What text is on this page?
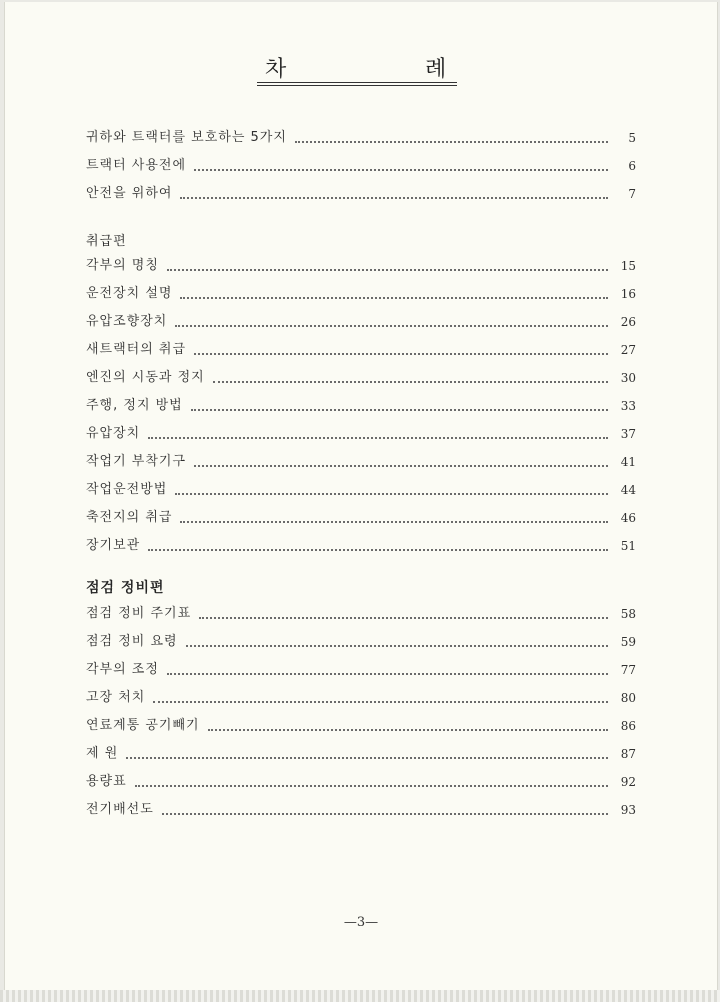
차	례
귀하와 트랙터를 보호하는 5가지	5
트랙터 사용전에	6
안전을 위하여	7
취급편
각부의 명칭	15
운전장치 설명	16
유압조향장치	26
새트랙터의 취급	27
엔진의 시동과 정지	30
주행, 정지 방법	33
유압장치	37
작업기 부착기구	41
작업운전방법	44
축전지의 취급	46
장기보관	51
점검 정비편
점검 정비 주기표	58
점검 정비 요령	59
각부의 조정	77
고장 처치	80
연료계통 공기빼기	86
제 원	87
용량표	92
전기배선도	93
—3—
